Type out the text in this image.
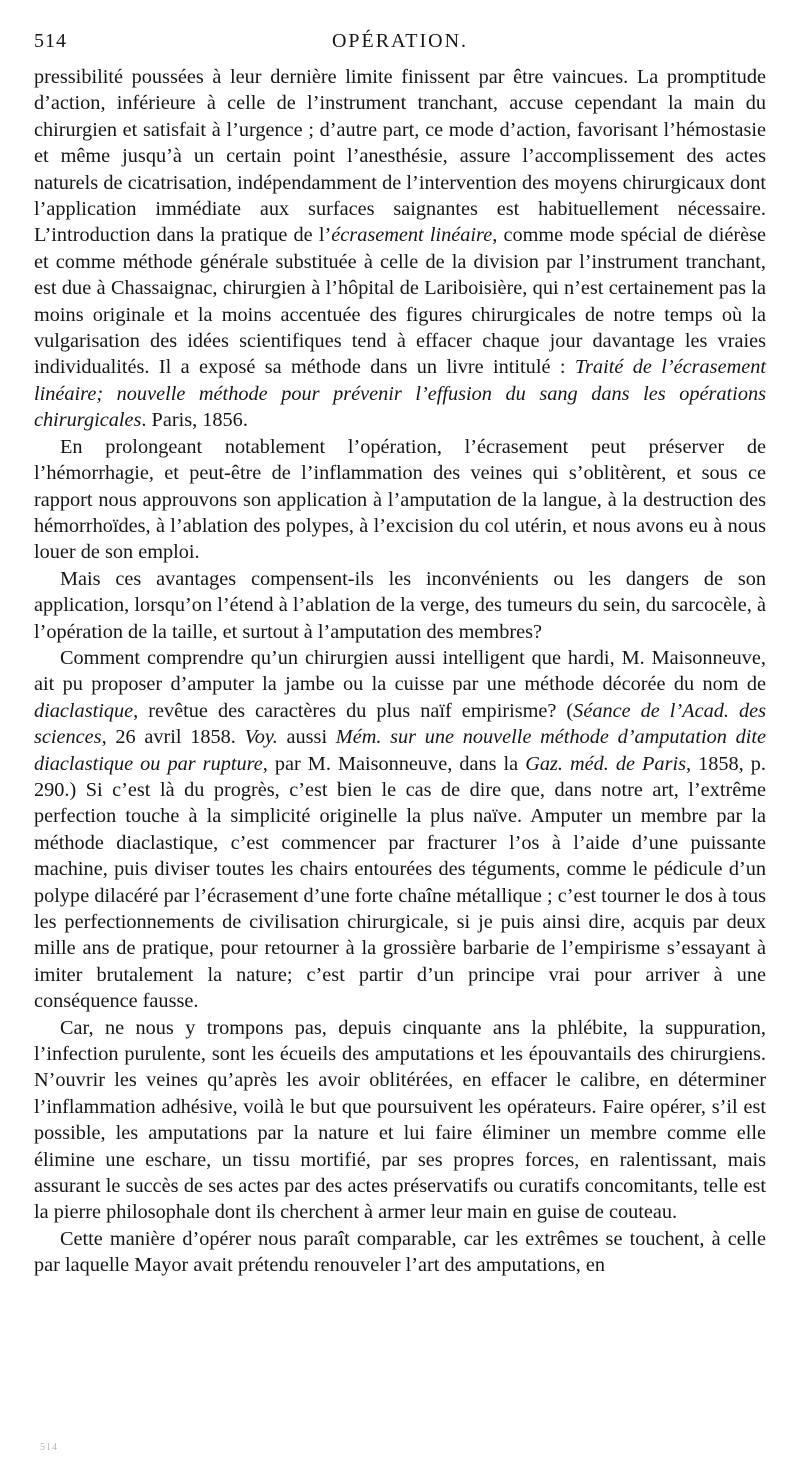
514	OPÉRATION.

pressibilité poussées à leur dernière limite finissent par être vaincues. La promptitude d’action, inférieure à celle de l’instrument tranchant, accuse cependant la main du chirurgien et satisfait à l’urgence ; d’autre part, ce mode d’action, favorisant l’hémostasie et même jusqu’à un certain point l’anesthésie, assure l’accomplissement des actes naturels de cicatrisation, indépendamment de l’intervention des moyens chirurgicaux dont l’application immédiate aux surfaces saignantes est habituellement nécessaire. L’introduction dans la pratique de l’écrasement linéaire, comme mode spécial de diérèse et comme méthode générale substituée à celle de la division par l’instrument tranchant, est due à Chassaignac, chirurgien à l’hôpital de Lariboisière, qui n’est certainement pas la moins originale et la moins accentuée des figures chirurgicales de notre temps où la vulgarisation des idées scientifiques tend à effacer chaque jour davantage les vraies individualités. Il a exposé sa méthode dans un livre intitulé : Traité de l’écrasement linéaire; nouvelle méthode pour prévenir l’effusion du sang dans les opérations chirurgicales. Paris, 1856.

En prolongeant notablement l’opération, l’écrasement peut préserver de l’hémorrhagie, et peut-être de l’inflammation des veines qui s’oblitèrent, et sous ce rapport nous approuvons son application à l’amputation de la langue, à la destruction des hémorrhoïdes, à l’ablation des polypes, à l’excision du col utérin, et nous avons eu à nous louer de son emploi.

Mais ces avantages compensent-ils les inconvénients ou les dangers de son application, lorsqu’on l’étend à l’ablation de la verge, des tumeurs du sein, du sarcocèle, à l’opération de la taille, et surtout à l’amputation des membres?

Comment comprendre qu’un chirurgien aussi intelligent que hardi, M. Maisonneuve, ait pu proposer d’amputer la jambe ou la cuisse par une méthode décorée du nom de diaclastique, revêtue des caractères du plus naïf empirisme? (Séance de l’Acad. des sciences, 26 avril 1858. Voy. aussi Mém. sur une nouvelle méthode d’amputation dite diaclastique ou par rupture, par M. Maisonneuve, dans la Gaz. méd. de Paris, 1858, p. 290.) Si c’est là du progrès, c’est bien le cas de dire que, dans notre art, l’extrême perfection touche à la simplicité originelle la plus naïve. Amputer un membre par la méthode diaclastique, c’est commencer par fracturer l’os à l’aide d’une puissante machine, puis diviser toutes les chairs entourées des téguments, comme le pédicule d’un polype dilacéré par l’écrasement d’une forte chaîne métallique ; c’est tourner le dos à tous les perfectionnements de civilisation chirurgicale, si je puis ainsi dire, acquis par deux mille ans de pratique, pour retourner à la grossière barbarie de l’empirisme s’essayant à imiter brutalement la nature; c’est partir d’un principe vrai pour arriver à une conséquence fausse.

Car, ne nous y trompons pas, depuis cinquante ans la phlébite, la suppuration, l’infection purulente, sont les écueils des amputations et les épouvantails des chirurgiens. N’ouvrir les veines qu’après les avoir oblitérées, en effacer le calibre, en déterminer l’inflammation adhésive, voilà le but que poursuivent les opérateurs. Faire opérer, s’il est possible, les amputations par la nature et lui faire éliminer un membre comme elle élimine une eschare, un tissu mortifié, par ses propres forces, en ralentissant, mais assurant le succès de ses actes par des actes préservatifs ou curatifs concomitants, telle est la pierre philosophale dont ils cherchent à armer leur main en guise de couteau.

Cette manière d’opérer nous paraît comparable, car les extrêmes se touchent, à celle par laquelle Mayor avait prétendu renouveler l’art des amputations, en

514
